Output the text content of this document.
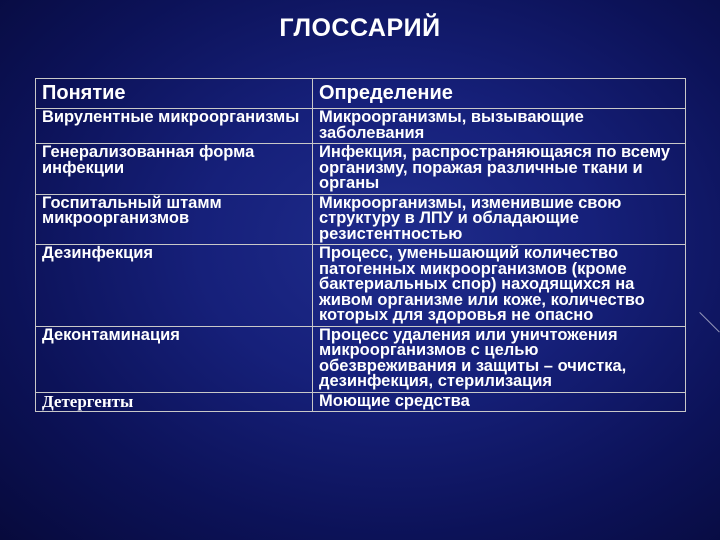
ГЛОССАРИЙ
Понятие	Определение
Вирулентные микроорганизмы	Микроорганизмы, вызывающие заболевания
Генерализованная форма инфекции	Инфекция, распространяющаяся по всему организму, поражая различные ткани и органы
Госпитальный штамм микроорганизмов	Микроорганизмы, изменившие свою структуру в ЛПУ и обладающие резистентностью
Дезинфекция	Процесс, уменьшающий количество патогенных микроорганизмов (кроме бактериальных спор) находящихся на живом организме или коже, количество которых для здоровья не опасно
Деконтаминация	Процесс удаления или уничтожения микроорганизмов с целью обезвреживания и защиты – очистка, дезинфекция, стерилизация
Детергенты	Моющие средства
